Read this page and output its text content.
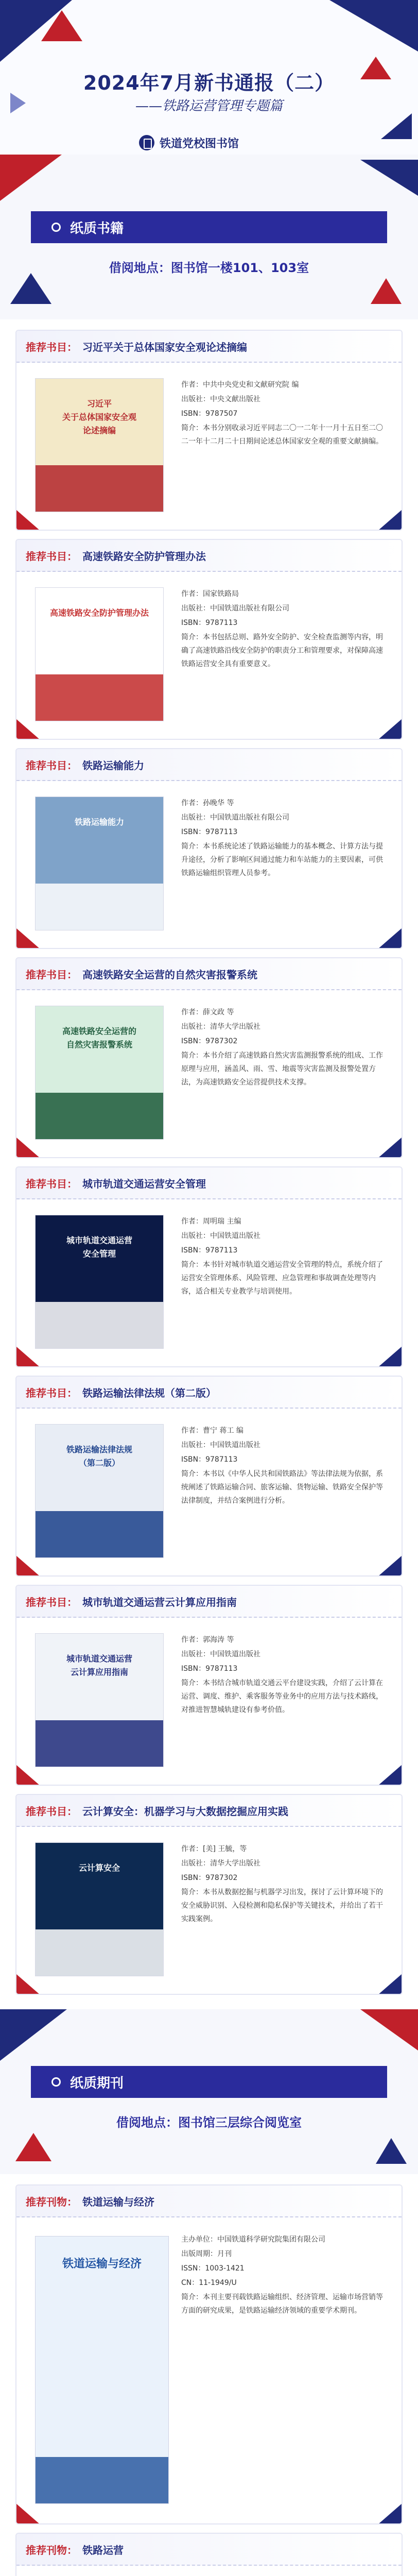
2024年7月新书通报（二）
——铁路运营管理专题篇
铁道党校图书馆
纸质书籍
借阅地点：图书馆一楼101、103室
推荐书目： 习近平关于总体国家安全观论述摘编
习近平
关于总体国家安全观
论述摘编
作者：中共中央党史和文献研究院 编
出版社：中央文献出版社
ISBN：9787507
简介：本书分别收录习近平同志二〇一二年十一月十五日至二〇二一年十二月二十日期间论述总体国家安全观的重要文献摘编。
推荐书目： 高速铁路安全防护管理办法
高速铁路安全防护管理办法
作者：国家铁路局
出版社：中国铁道出版社有限公司
ISBN：9787113
简介：本书包括总则、路外安全防护、安全检查监测等内容，明确了高速铁路沿线安全防护的职责分工和管理要求，对保障高速铁路运营安全具有重要意义。
推荐书目： 铁路运输能力
铁路运输能力
作者：孙晚华 等
出版社：中国铁道出版社有限公司
ISBN：9787113
简介：本书系统论述了铁路运输能力的基本概念、计算方法与提升途径，分析了影响区间通过能力和车站能力的主要因素，可供铁路运输组织管理人员参考。
推荐书目： 高速铁路安全运营的自然灾害报警系统
高速铁路安全运营的
自然灾害报警系统
作者：薛文政 等
出版社：清华大学出版社
ISBN：9787302
简介：本书介绍了高速铁路自然灾害监测报警系统的组成、工作原理与应用，涵盖风、雨、雪、地震等灾害监测及报警处置方法，为高速铁路安全运营提供技术支撑。
推荐书目： 城市轨道交通运营安全管理
城市轨道交通运营
安全管理
作者：周明瑞 主编
出版社：中国铁道出版社
ISBN：9787113
简介：本书针对城市轨道交通运营安全管理的特点，系统介绍了运营安全管理体系、风险管理、应急管理和事故调查处理等内容，适合相关专业教学与培训使用。
推荐书目： 铁路运输法律法规（第二版）
铁路运输法律法规
（第二版）
作者：曹宁 蒋工 编
出版社：中国铁道出版社
ISBN：9787113
简介：本书以《中华人民共和国铁路法》等法律法规为依据，系统阐述了铁路运输合同、旅客运输、货物运输、铁路安全保护等法律制度，并结合案例进行分析。
推荐书目： 城市轨道交通运营云计算应用指南
城市轨道交通运营
云计算应用指南
作者：郭海涛 等
出版社：中国铁道出版社
ISBN：9787113
简介：本书结合城市轨道交通云平台建设实践，介绍了云计算在运营、调度、维护、乘客服务等业务中的应用方法与技术路线，对推进智慧城轨建设有参考价值。
推荐书目： 云计算安全：机器学习与大数据挖掘应用实践
云计算安全
作者：[美] 王毓，等
出版社：清华大学出版社
ISBN：9787302
简介：本书从数据挖掘与机器学习出发，探讨了云计算环境下的安全威胁识别、入侵检测和隐私保护等关键技术，并给出了若干实践案例。
纸质期刊
借阅地点：图书馆三层综合阅览室
推荐刊物： 铁道运输与经济
铁道运输与经济
主办单位：中国铁道科学研究院集团有限公司
出版周期：月刊
ISSN：1003-1421
CN：11-1949/U
简介：本刊主要刊载铁路运输组织、经济管理、运输市场营销等方面的研究成果，是铁路运输经济领域的重要学术期刊。
推荐刊物： 铁路运营
